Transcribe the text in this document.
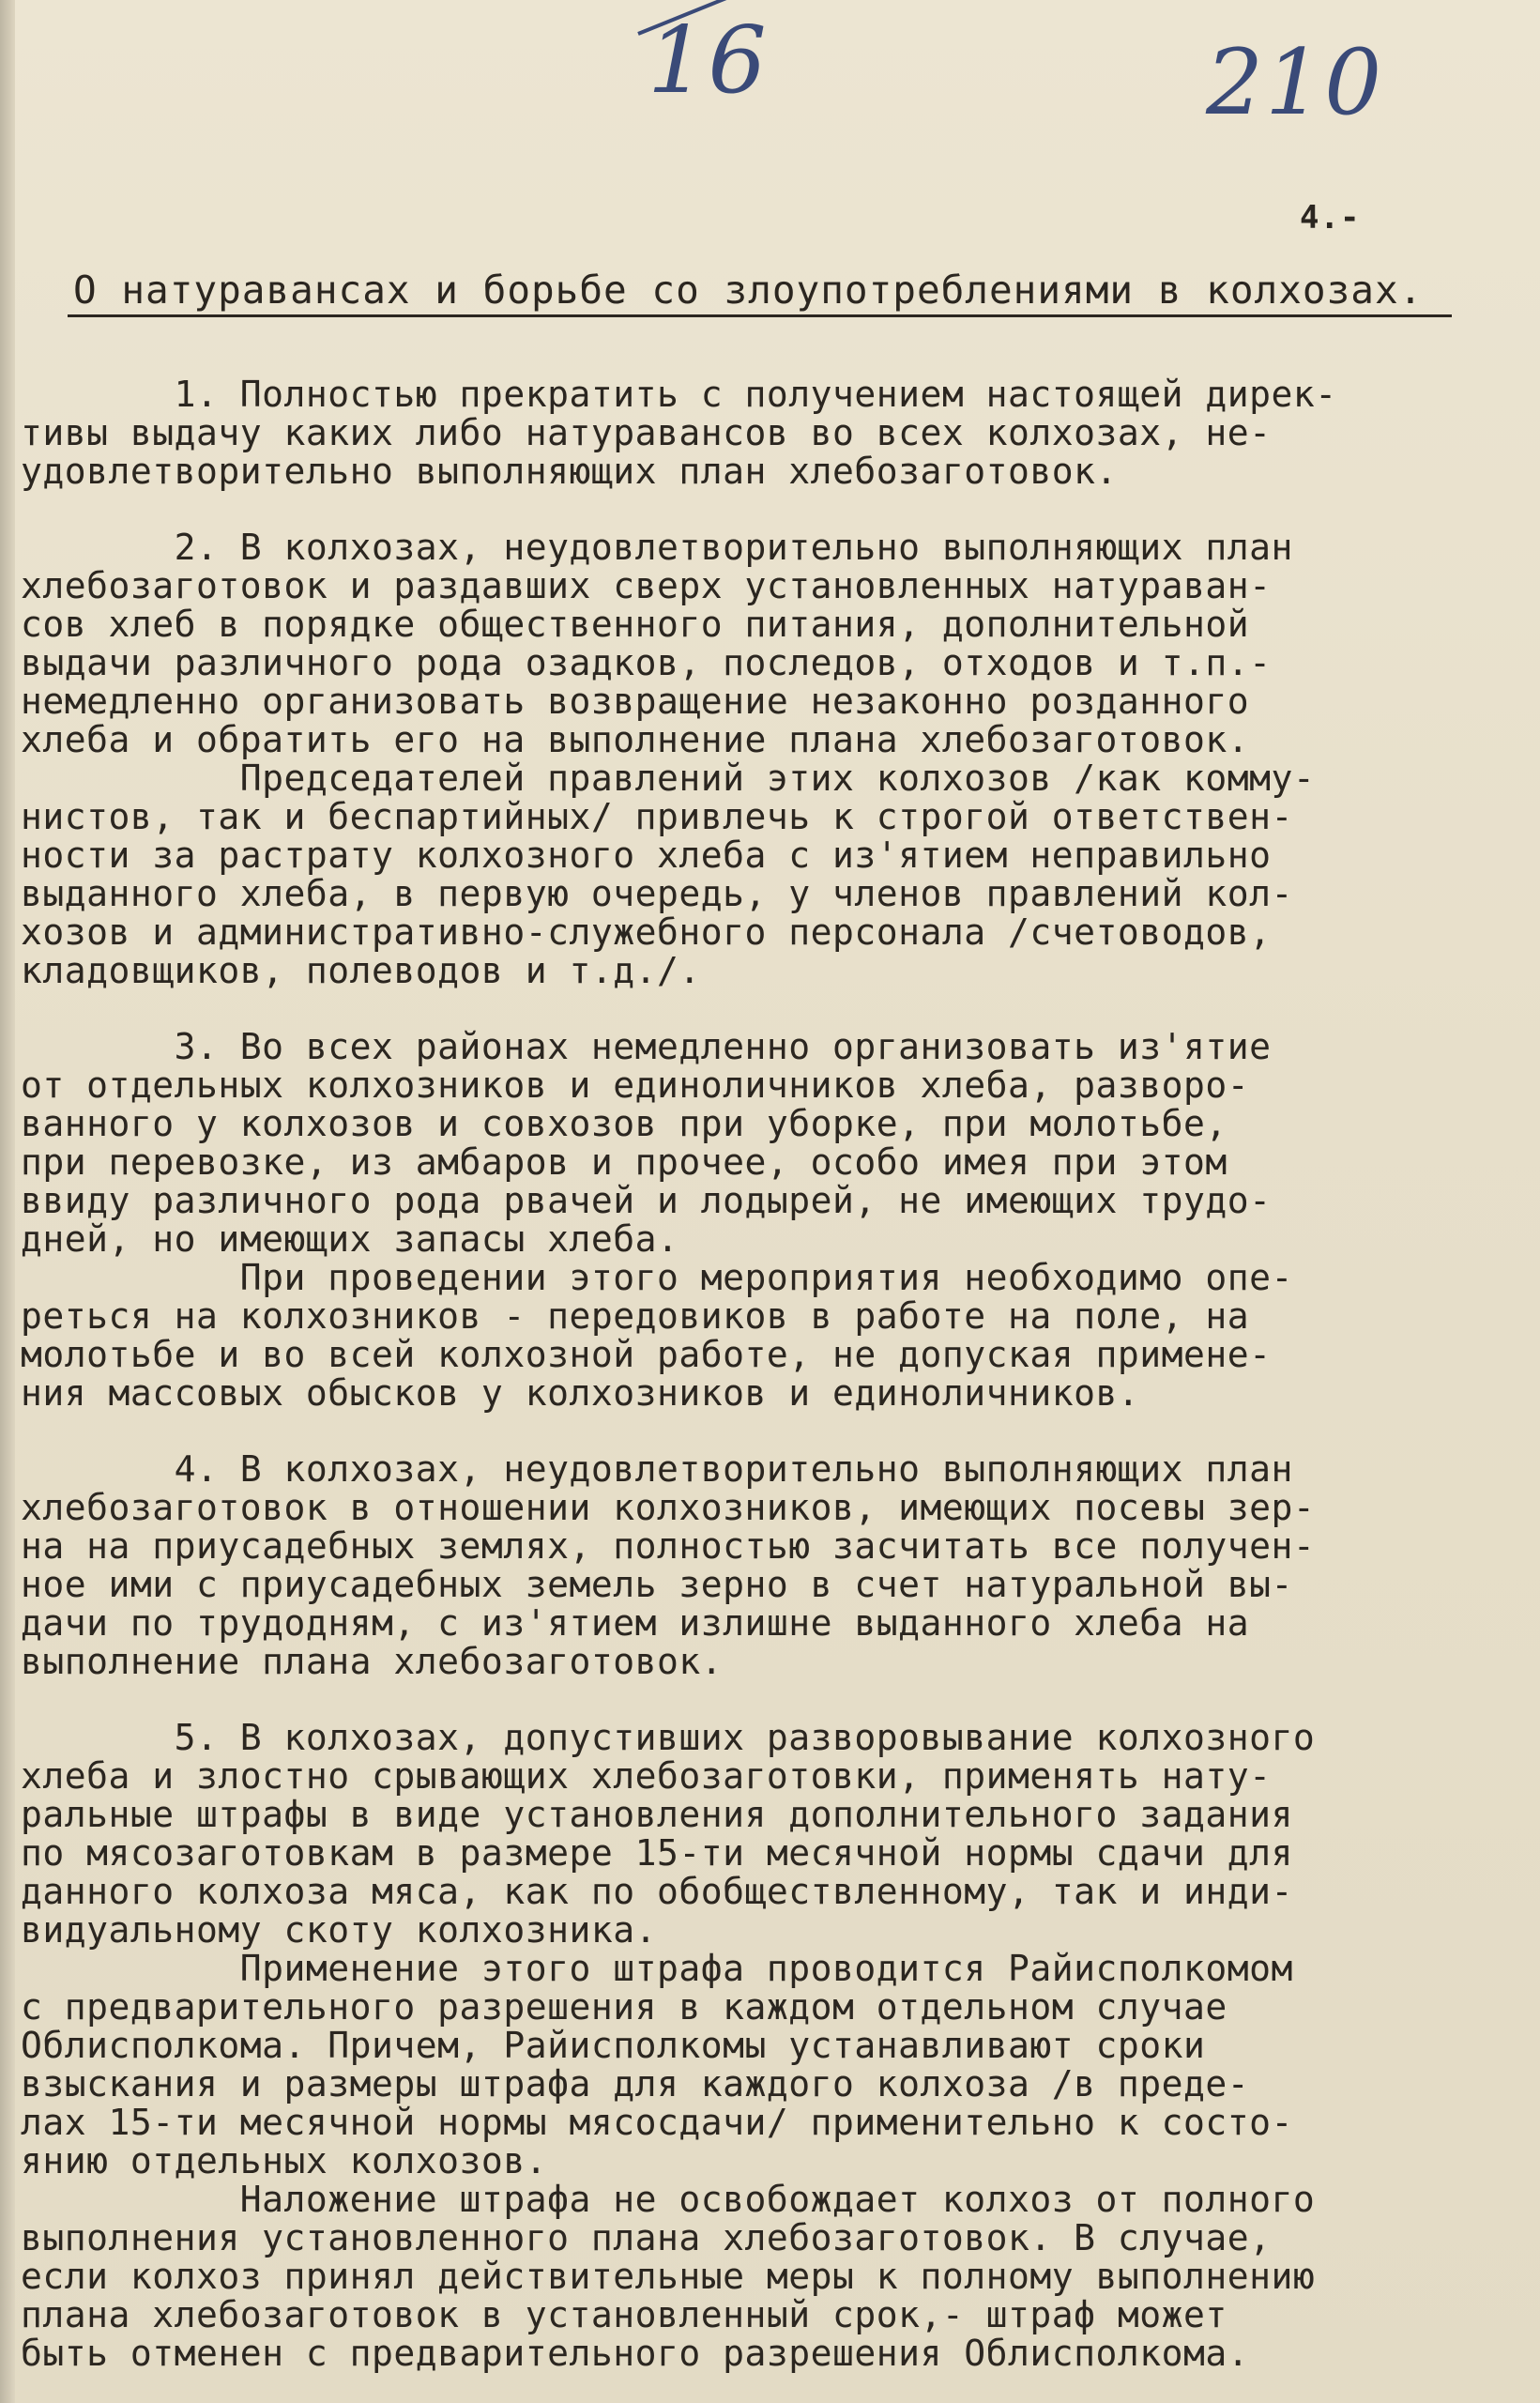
16	210
4.-
О натуравансах и борьбе со злоупотреблениями в колхозах.
1. Полностью прекратить с получением настоящей дирек-
тивы выдачу каких либо натуравансов во всех колхозах, не-
удовлетворительно выполняющих план хлебозаготовок.
2. В колхозах, неудовлетворительно выполняющих план
хлебозаготовок и раздавших сверх установленных натураван-
сов хлеб в порядке общественного питания, дополнительной
выдачи различного рода озадков, последов, отходов и т.п.-
немедленно организовать возвращение незаконно розданного
хлеба и обратить его на выполнение плана хлебозаготовок.
Председателей правлений этих колхозов /как комму-
нистов, так и беспартийных/ привлечь к строгой ответствен-
ности за растрату колхозного хлеба с из'ятием неправильно
выданного хлеба, в первую очередь, у членов правлений кол-
хозов и административно-служебного персонала /счетоводов,
кладовщиков, полеводов и т.д./.
3. Во всех районах немедленно организовать из'ятие
от отдельных колхозников и единоличников хлеба, разворо-
ванного у колхозов и совхозов при уборке, при молотьбе,
при перевозке, из амбаров и прочее, особо имея при этом
ввиду различного рода рвачей и лодырей, не имеющих трудо-
дней, но имеющих запасы хлеба.
При проведении этого мероприятия необходимо опе-
реться на колхозников - передовиков в работе на поле, на
молотьбе и во всей колхозной работе, не допуская примене-
ния массовых обысков у колхозников и единоличников.
4. В колхозах, неудовлетворительно выполняющих план
хлебозаготовок в отношении колхозников, имеющих посевы зер-
на на приусадебных землях, полностью засчитать все получен-
ное ими с приусадебных земель зерно в счет натуральной вы-
дачи по трудодням, с из'ятием излишне выданного хлеба на
выполнение плана хлебозаготовок.
5. В колхозах, допустивших разворовывание колхозного
хлеба и злостно срывающих хлебозаготовки, применять нату-
ральные штрафы в виде установления дополнительного задания
по мясозаготовкам в размере 15-ти месячной нормы сдачи для
данного колхоза мяса, как по обобществленному, так и инди-
видуальному скоту колхозника.
Применение этого штрафа проводится Райисполкомом
с предварительного разрешения в каждом отдельном случае
Облисполкома. Причем, Райисполкомы устанавливают сроки
взыскания и размеры штрафа для каждого колхоза /в преде-
лах 15-ти месячной нормы мясосдачи/ применительно к состо-
янию отдельных колхозов.
Наложение штрафа не освобождает колхоз от полного
выполнения установленного плана хлебозаготовок. В случае,
если колхоз принял действительные меры к полному выполнению
плана хлебозаготовок в установленный срок,- штраф может
быть отменен с предварительного разрешения Облисполкома.
